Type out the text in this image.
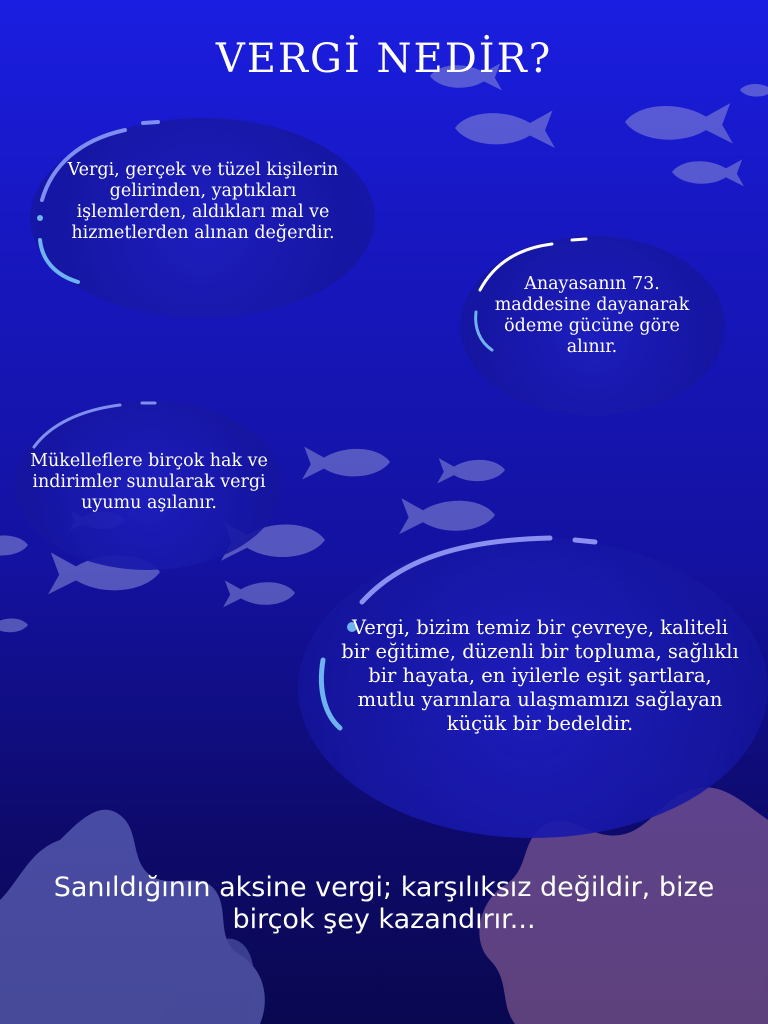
VERGİ NEDİR?
Vergi, gerçek ve tüzel kişilerin gelirinden, yaptıkları işlemlerden, aldıkları mal ve hizmetlerden alınan değerdir.
Anayasanın 73. maddesine dayanarak ödeme gücüne göre alınır.
Mükelleflere birçok hak ve indirimler sunularak vergi uyumu aşılanır.
Vergi, bizim temiz bir çevreye, kaliteli bir eğitime, düzenli bir topluma, sağlıklı bir hayata, en iyilerle eşit şartlara, mutlu yarınlara ulaşmamızı sağlayan küçük bir bedeldir.
Sanıldığının aksine vergi; karşılıksız değildir, bize birçok şey kazandırır...
